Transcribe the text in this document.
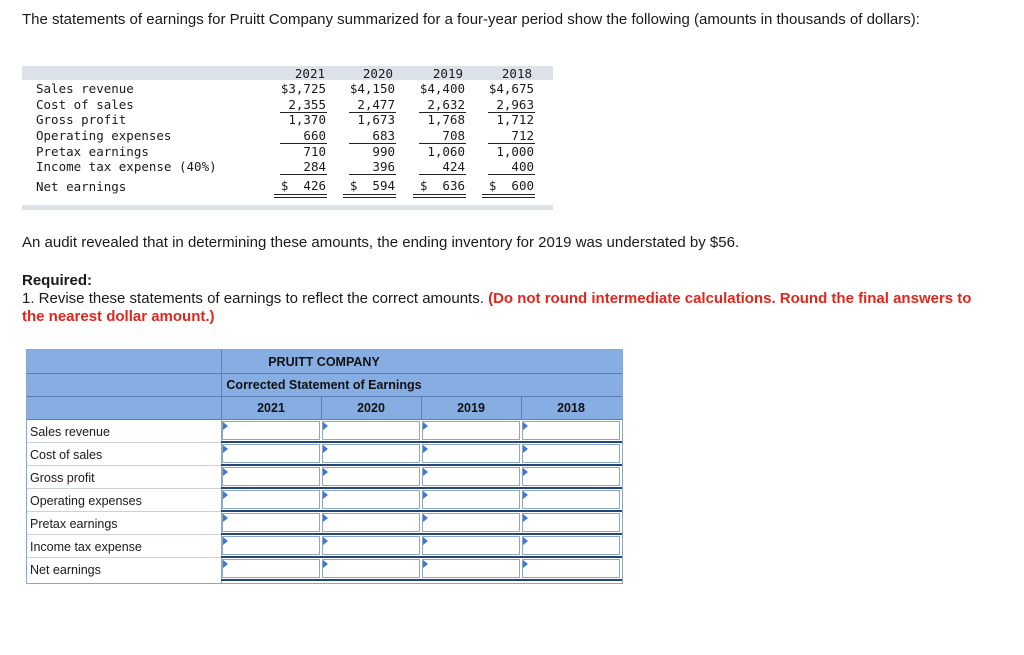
The statements of earnings for Pruitt Company summarized for a four-year period show the following (amounts in thousands of dollars):
2021	2020	2019	2018
Sales revenue	$3,725	$4,150	$4,400	$4,675
Cost of sales	2,355	2,477	2,632	2,963
Gross profit	1,370	1,673	1,768	1,712
Operating expenses	660	683	708	712
Pretax earnings	710	990	1,060	1,000
Income tax expense (40%)	284	396	424	400
Net earnings	$  426	$  594	$  636	$  600
An audit revealed that in determining these amounts, the ending inventory for 2019 was understated by $56.
Required:
1. Revise these statements of earnings to reflect the correct amounts. (Do not round intermediate calculations. Round the final answers to the nearest dollar amount.)
PRUITT COMPANY
Corrected Statement of Earnings
2021	2020	2019	2018
Sales revenue
Cost of sales
Gross profit
Operating expenses
Pretax earnings
Income tax expense
Net earnings
